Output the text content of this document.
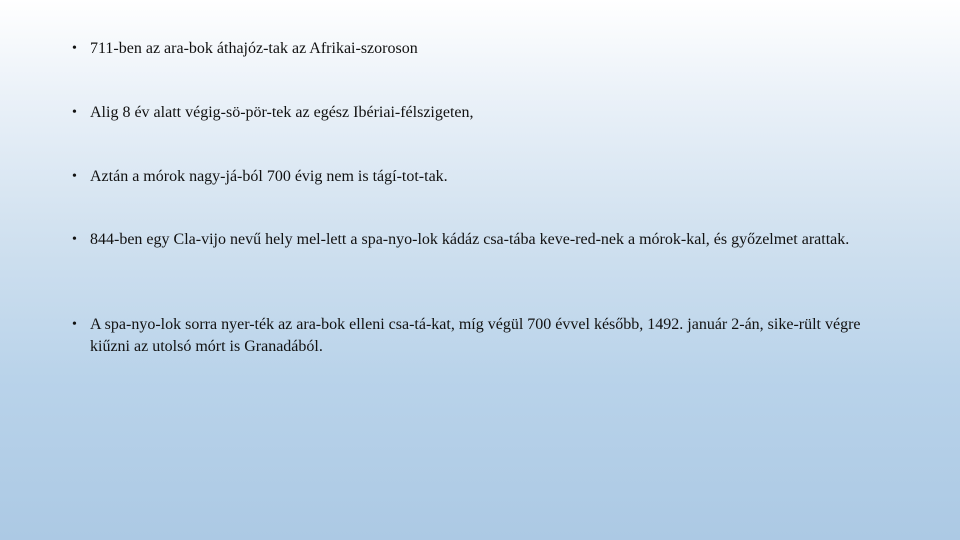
• 711-ben az ara-bok áthajóz-tak az Afrikai-szoroson
• Alig 8 év alatt végig-sö-pör-tek az egész Ibériai-félszigeten,
• Aztán a mórok nagy-já-ból 700 évig nem is tágí-tot-tak.
• 844-ben egy Cla-vijo nevű hely mel-lett a spa-nyo-lok kádáz csa-tába keve-red-nek a mórok-kal, és győzelmet arattak.
• A spa-nyo-lok sorra nyer-ték az ara-bok elleni csa-tá-kat, míg végül 700 évvel később, 1492. január 2-án, sike-rült végre kiűzni az utolsó mórt is Granadából.
